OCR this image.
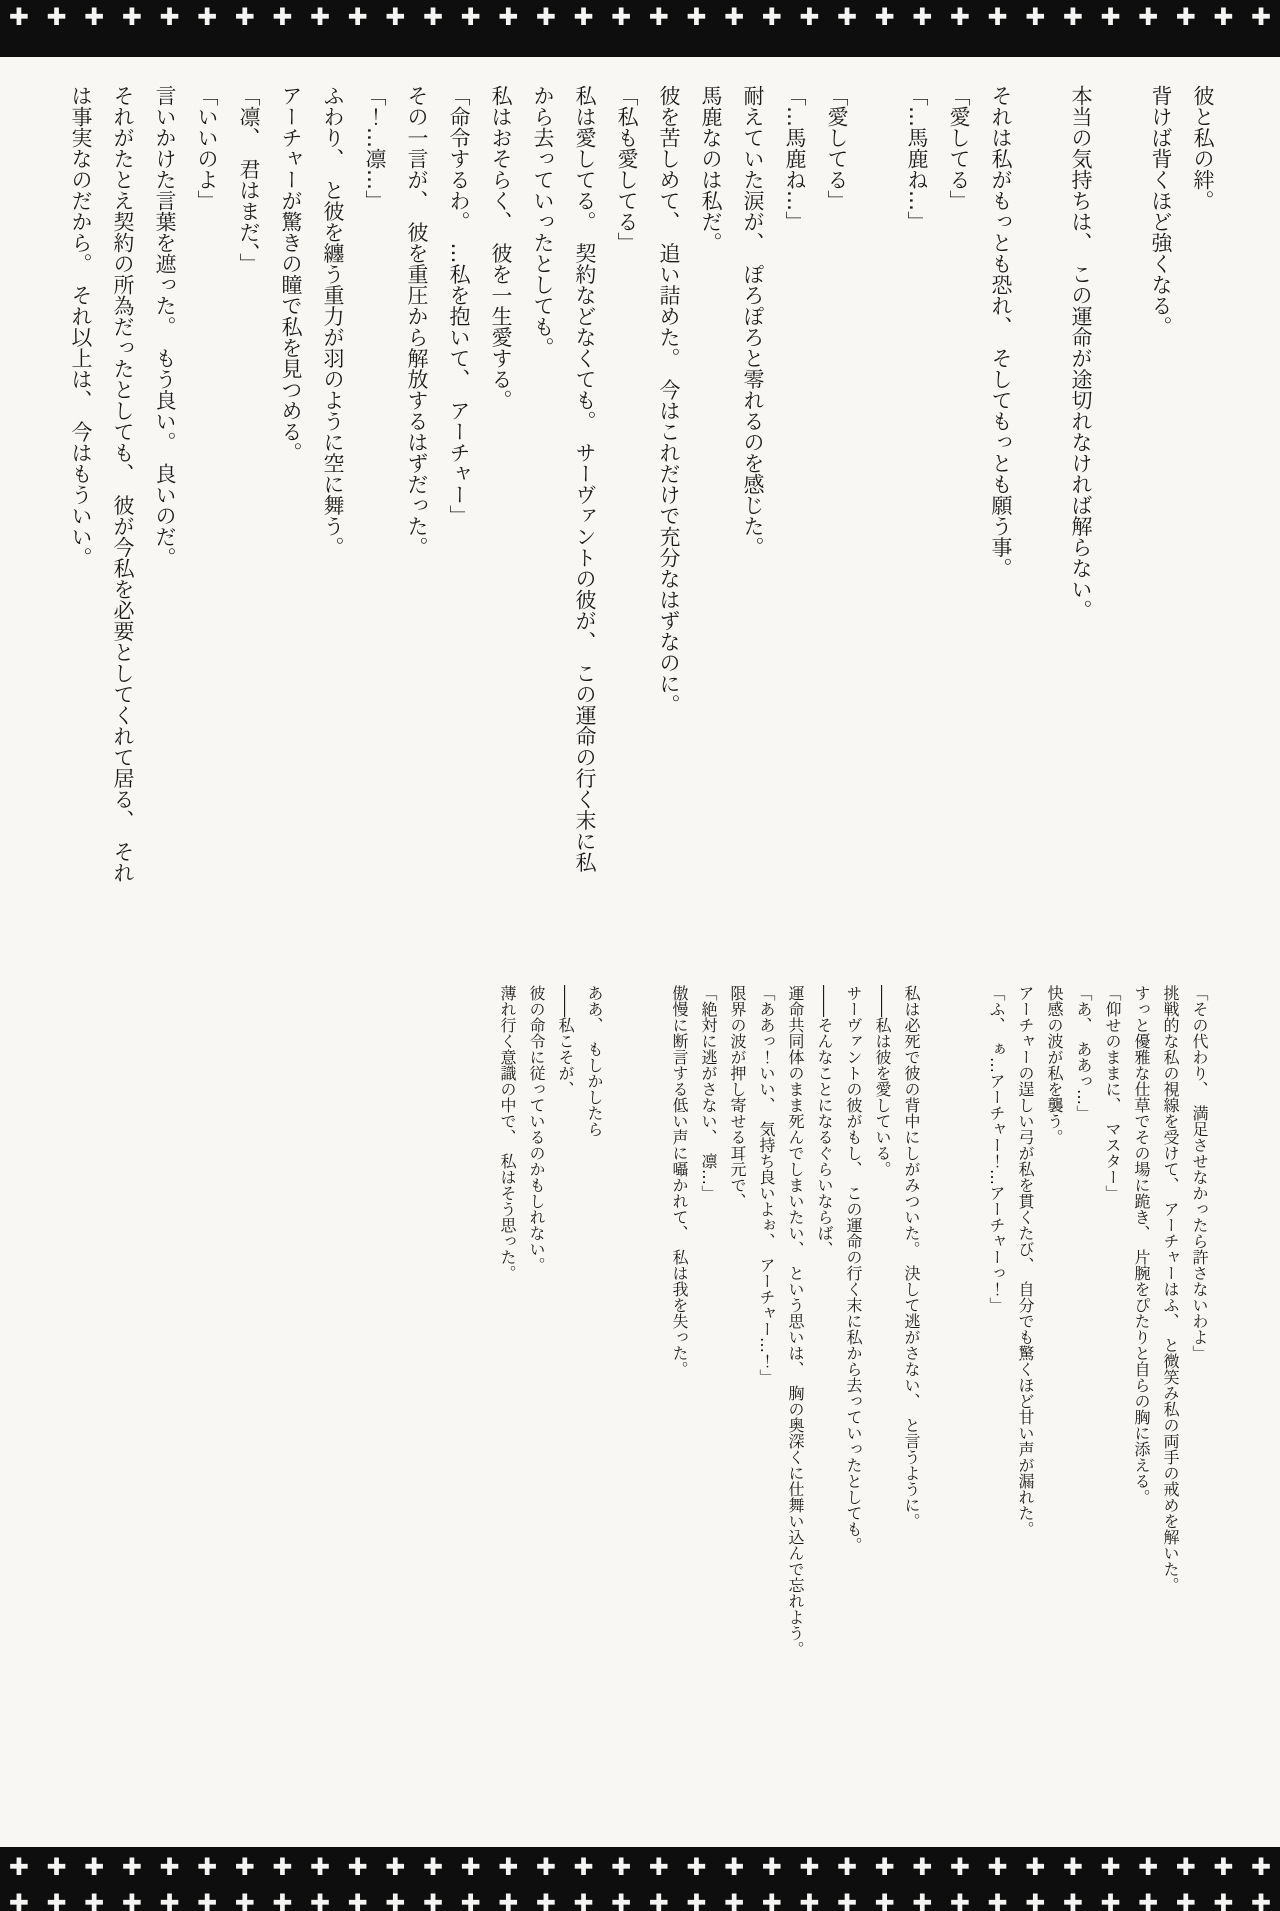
✚ ✚ ✚ ✚ ✚ ✚ ✚ ✚ ✚ ✚ ✚ ✚ ✚ ✚ ✚ ✚ ✚ ✚ ✚ ✚ ✚ ✚ ✚ ✚ ✚ ✚ ✚ ✚ ✚ ✚ ✚ ✚ ✚ ✚

彼と私の絆。

背けば背くほど強くなる。

本当の気持ちは、　この運命が途切れなければ解らない。

それは私がもっとも恐れ、　そしてもっとも願う事。

「愛してる」

「…馬鹿ね…」

「愛してる」

「…馬鹿ね…」

耐えていた涙が、　ぽろぽろと零れるのを感じた。

馬鹿なのは私だ。

彼を苦しめて、　追い詰めた。　今はこれだけで充分なはずなのに。

「私も愛してる」

私は愛してる。　契約などなくても。　サーヴァントの彼が、　この運命の行く末に私から去っていったとしても。

私はおそらく、　彼を一生愛する。

「命令するわ。　…私を抱いて、　アーチャー」

その一言が、　彼を重圧から解放するはずだった。

「！…凛…」

ふわり、　と彼を纏う重力が羽のように空に舞う。

アーチャーが驚きの瞳で私を見つめる。

「凛、　君はまだ、」

「いいのよ」

言いかけた言葉を遮った。　もう良い。　良いのだ。

それがたとえ契約の所為だったとしても、　彼が今私を必要としてくれて居る、　それは事実なのだから。　それ以上は、　今はもういい。

「その代わり、　満足させなかったら許さないわよ」

挑戦的な私の視線を受けて、　アーチャーはふ、　と微笑み私の両手の戒めを解いた。

すっと優雅な仕草でその場に跪き、　片腕をぴたりと自らの胸に添える。

「仰せのままに、　マスター」

「あ、　ああっ…」

快感の波が私を襲う。

アーチャーの逞しい弓が私を貫くたび、　自分でも驚くほど甘い声が漏れた。

「ふ、　ぁ…アーチャー！…アーチャーっ！」

私は必死で彼の背中にしがみついた。　決して逃がさない、　と言うように。

――私は彼を愛している。

サーヴァントの彼がもし、　この運命の行く末に私から去っていったとしても。

――そんなことになるぐらいならば、

運命共同体のまま死んでしまいたい、　という思いは、　胸の奥深くに仕舞い込んで忘れよう。

「ああっ！いい、　気持ち良いよぉ、　アーチャー…！」

限界の波が押し寄せる耳元で、

「絶対に逃がさない、　凛…」

傲慢に断言する低い声に囁かれて、　私は我を失った。

ああ、　もしかしたら

――私こそが、

彼の命令に従っているのかもしれない。

薄れ行く意識の中で、　私はそう思った。

✚ ✚ ✚ ✚ ✚ ✚ ✚ ✚ ✚ ✚ ✚ ✚ ✚ ✚ ✚ ✚ ✚ ✚ ✚ ✚ ✚ ✚ ✚ ✚ ✚ ✚ ✚ ✚ ✚ ✚ ✚ ✚ ✚ ✚
✚ ✚ ✚ ✚ ✚ ✚ ✚ ✚ ✚ ✚ ✚ ✚ ✚ ✚ ✚ ✚ ✚ ✚ ✚ ✚ ✚ ✚ ✚ ✚ ✚ ✚ ✚ ✚ ✚ ✚ ✚ ✚ ✚ ✚
